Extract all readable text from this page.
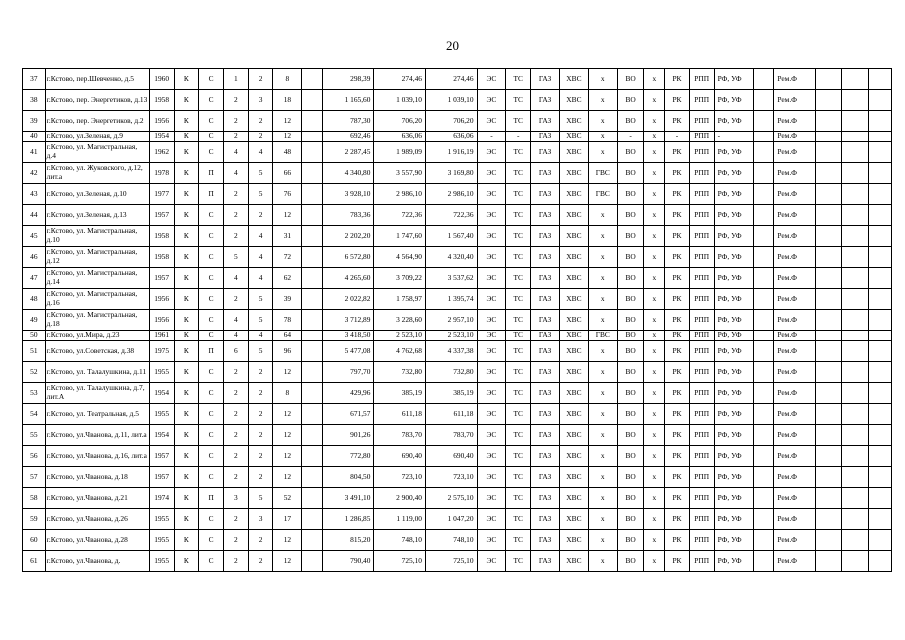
20
37	г.Кстово, пер.Шевченко, д.5	1960	К	С	1	2	8		298,39	274,46	274,46	ЭС	ТС	ГАЗ	ХВС	х	ВО	х	РК	РПП	РФ, УФ		Рем.Ф			
38	г.Кстово, пер. Энергетиков, д.13	1958	К	С	2	3	18		1 165,60	1 039,10	1 039,10	ЭС	ТС	ГАЗ	ХВС	х	ВО	х	РК	РПП	РФ, УФ		Рем.Ф			
39	г.Кстово, пер. Энергетиков, д.2	1956	К	С	2	2	12		787,30	706,20	706,20	ЭС	ТС	ГАЗ	ХВС	х	ВО	х	РК	РПП	РФ, УФ		Рем.Ф			
40	г.Кстово, ул.Зеленая, д.9	1954	К	С	2	2	12		692,46	636,06	636,06	-	-	ГАЗ	ХВС	х	-	х	-	РПП	-		Рем.Ф			
41	г.Кстово, ул. Магистральная, д.4	1962	К	С	4	4	48		2 287,45	1 989,09	1 916,19	ЭС	ТС	ГАЗ	ХВС	х	ВО	х	РК	РПП	РФ, УФ		Рем.Ф			
42	г.Кстово, ул. Жуковского, д.12, лит.а	1978	К	П	4	5	66		4 340,80	3 557,90	3 169,80	ЭС	ТС	ГАЗ	ХВС	ГВС	ВО	х	РК	РПП	РФ, УФ		Рем.Ф			
43	г.Кстово, ул.Зеленая, д.10	1977	К	П	2	5	76		3 928,10	2 986,10	2 986,10	ЭС	ТС	ГАЗ	ХВС	ГВС	ВО	х	РК	РПП	РФ, УФ		Рем.Ф			
44	г.Кстово, ул.Зеленая, д.13	1957	К	С	2	2	12		783,36	722,36	722,36	ЭС	ТС	ГАЗ	ХВС	х	ВО	х	РК	РПП	РФ, УФ		Рем.Ф			
45	г.Кстово, ул. Магистральная, д.10	1958	К	С	2	4	31		2 202,20	1 747,60	1 567,40	ЭС	ТС	ГАЗ	ХВС	х	ВО	х	РК	РПП	РФ, УФ		Рем.Ф			
46	г.Кстово, ул. Магистральная, д.12	1958	К	С	5	4	72		6 572,80	4 564,90	4 320,40	ЭС	ТС	ГАЗ	ХВС	х	ВО	х	РК	РПП	РФ, УФ		Рем.Ф			
47	г.Кстово, ул. Магистральная, д.14	1957	К	С	4	4	62		4 265,60	3 709,22	3 537,62	ЭС	ТС	ГАЗ	ХВС	х	ВО	х	РК	РПП	РФ, УФ		Рем.Ф			
48	г.Кстово, ул. Магистральная, д.16	1956	К	С	2	5	39		2 022,82	1 758,97	1 395,74	ЭС	ТС	ГАЗ	ХВС	х	ВО	х	РК	РПП	РФ, УФ		Рем.Ф			
49	г.Кстово, ул. Магистральная, д.18	1956	К	С	4	5	78		3 712,89	3 228,60	2 957,10	ЭС	ТС	ГАЗ	ХВС	х	ВО	х	РК	РПП	РФ, УФ		Рем.Ф			
50	г.Кстово, ул.Мира, д.23	1961	К	С	4	4	64		3 418,50	2 523,10	2 523,10	ЭС	ТС	ГАЗ	ХВС	ГВС	ВО	х	РК	РПП	РФ, УФ		Рем.Ф			
51	г.Кстово, ул.Советская, д.38	1975	К	П	6	5	96		5 477,08	4 762,68	4 337,38	ЭС	ТС	ГАЗ	ХВС	х	ВО	х	РК	РПП	РФ, УФ		Рем.Ф			
52	г.Кстово, ул. Талалушкина, д.11	1955	К	С	2	2	12		797,70	732,80	732,80	ЭС	ТС	ГАЗ	ХВС	х	ВО	х	РК	РПП	РФ, УФ		Рем.Ф			
53	г.Кстово, ул. Талалушкина, д.7, лит.А	1954	К	С	2	2	8		429,96	385,19	385,19	ЭС	ТС	ГАЗ	ХВС	х	ВО	х	РК	РПП	РФ, УФ		Рем.Ф			
54	г.Кстово, ул. Театральная, д.5	1955	К	С	2	2	12		671,57	611,18	611,18	ЭС	ТС	ГАЗ	ХВС	х	ВО	х	РК	РПП	РФ, УФ		Рем.Ф			
55	г.Кстово, ул.Чванова, д.11, лит.а	1954	К	С	2	2	12		901,26	783,70	783,70	ЭС	ТС	ГАЗ	ХВС	х	ВО	х	РК	РПП	РФ, УФ		Рем.Ф			
56	г.Кстово, ул.Чванова, д.16, лит.а	1957	К	С	2	2	12		772,80	690,40	690,40	ЭС	ТС	ГАЗ	ХВС	х	ВО	х	РК	РПП	РФ, УФ		Рем.Ф			
57	г.Кстово, ул.Чванова, д.18	1957	К	С	2	2	12		804,50	723,10	723,10	ЭС	ТС	ГАЗ	ХВС	х	ВО	х	РК	РПП	РФ, УФ		Рем.Ф			
58	г.Кстово, ул.Чванова, д.21	1974	К	П	3	5	52		3 491,10	2 900,40	2 575,10	ЭС	ТС	ГАЗ	ХВС	х	ВО	х	РК	РПП	РФ, УФ		Рем.Ф			
59	г.Кстово, ул.Чванова, д.26	1955	К	С	2	3	17		1 286,85	1 119,00	1 047,20	ЭС	ТС	ГАЗ	ХВС	х	ВО	х	РК	РПП	РФ, УФ		Рем.Ф			
60	г.Кстово, ул.Чванова, д.28	1955	К	С	2	2	12		815,20	748,10	748,10	ЭС	ТС	ГАЗ	ХВС	х	ВО	х	РК	РПП	РФ, УФ		Рем.Ф			
61	г.Кстово, ул.Чванова, д.	1955	К	С	2	2	12		790,40	725,10	725,10	ЭС	ТС	ГАЗ	ХВС	х	ВО	х	РК	РПП	РФ, УФ		Рем.Ф			
